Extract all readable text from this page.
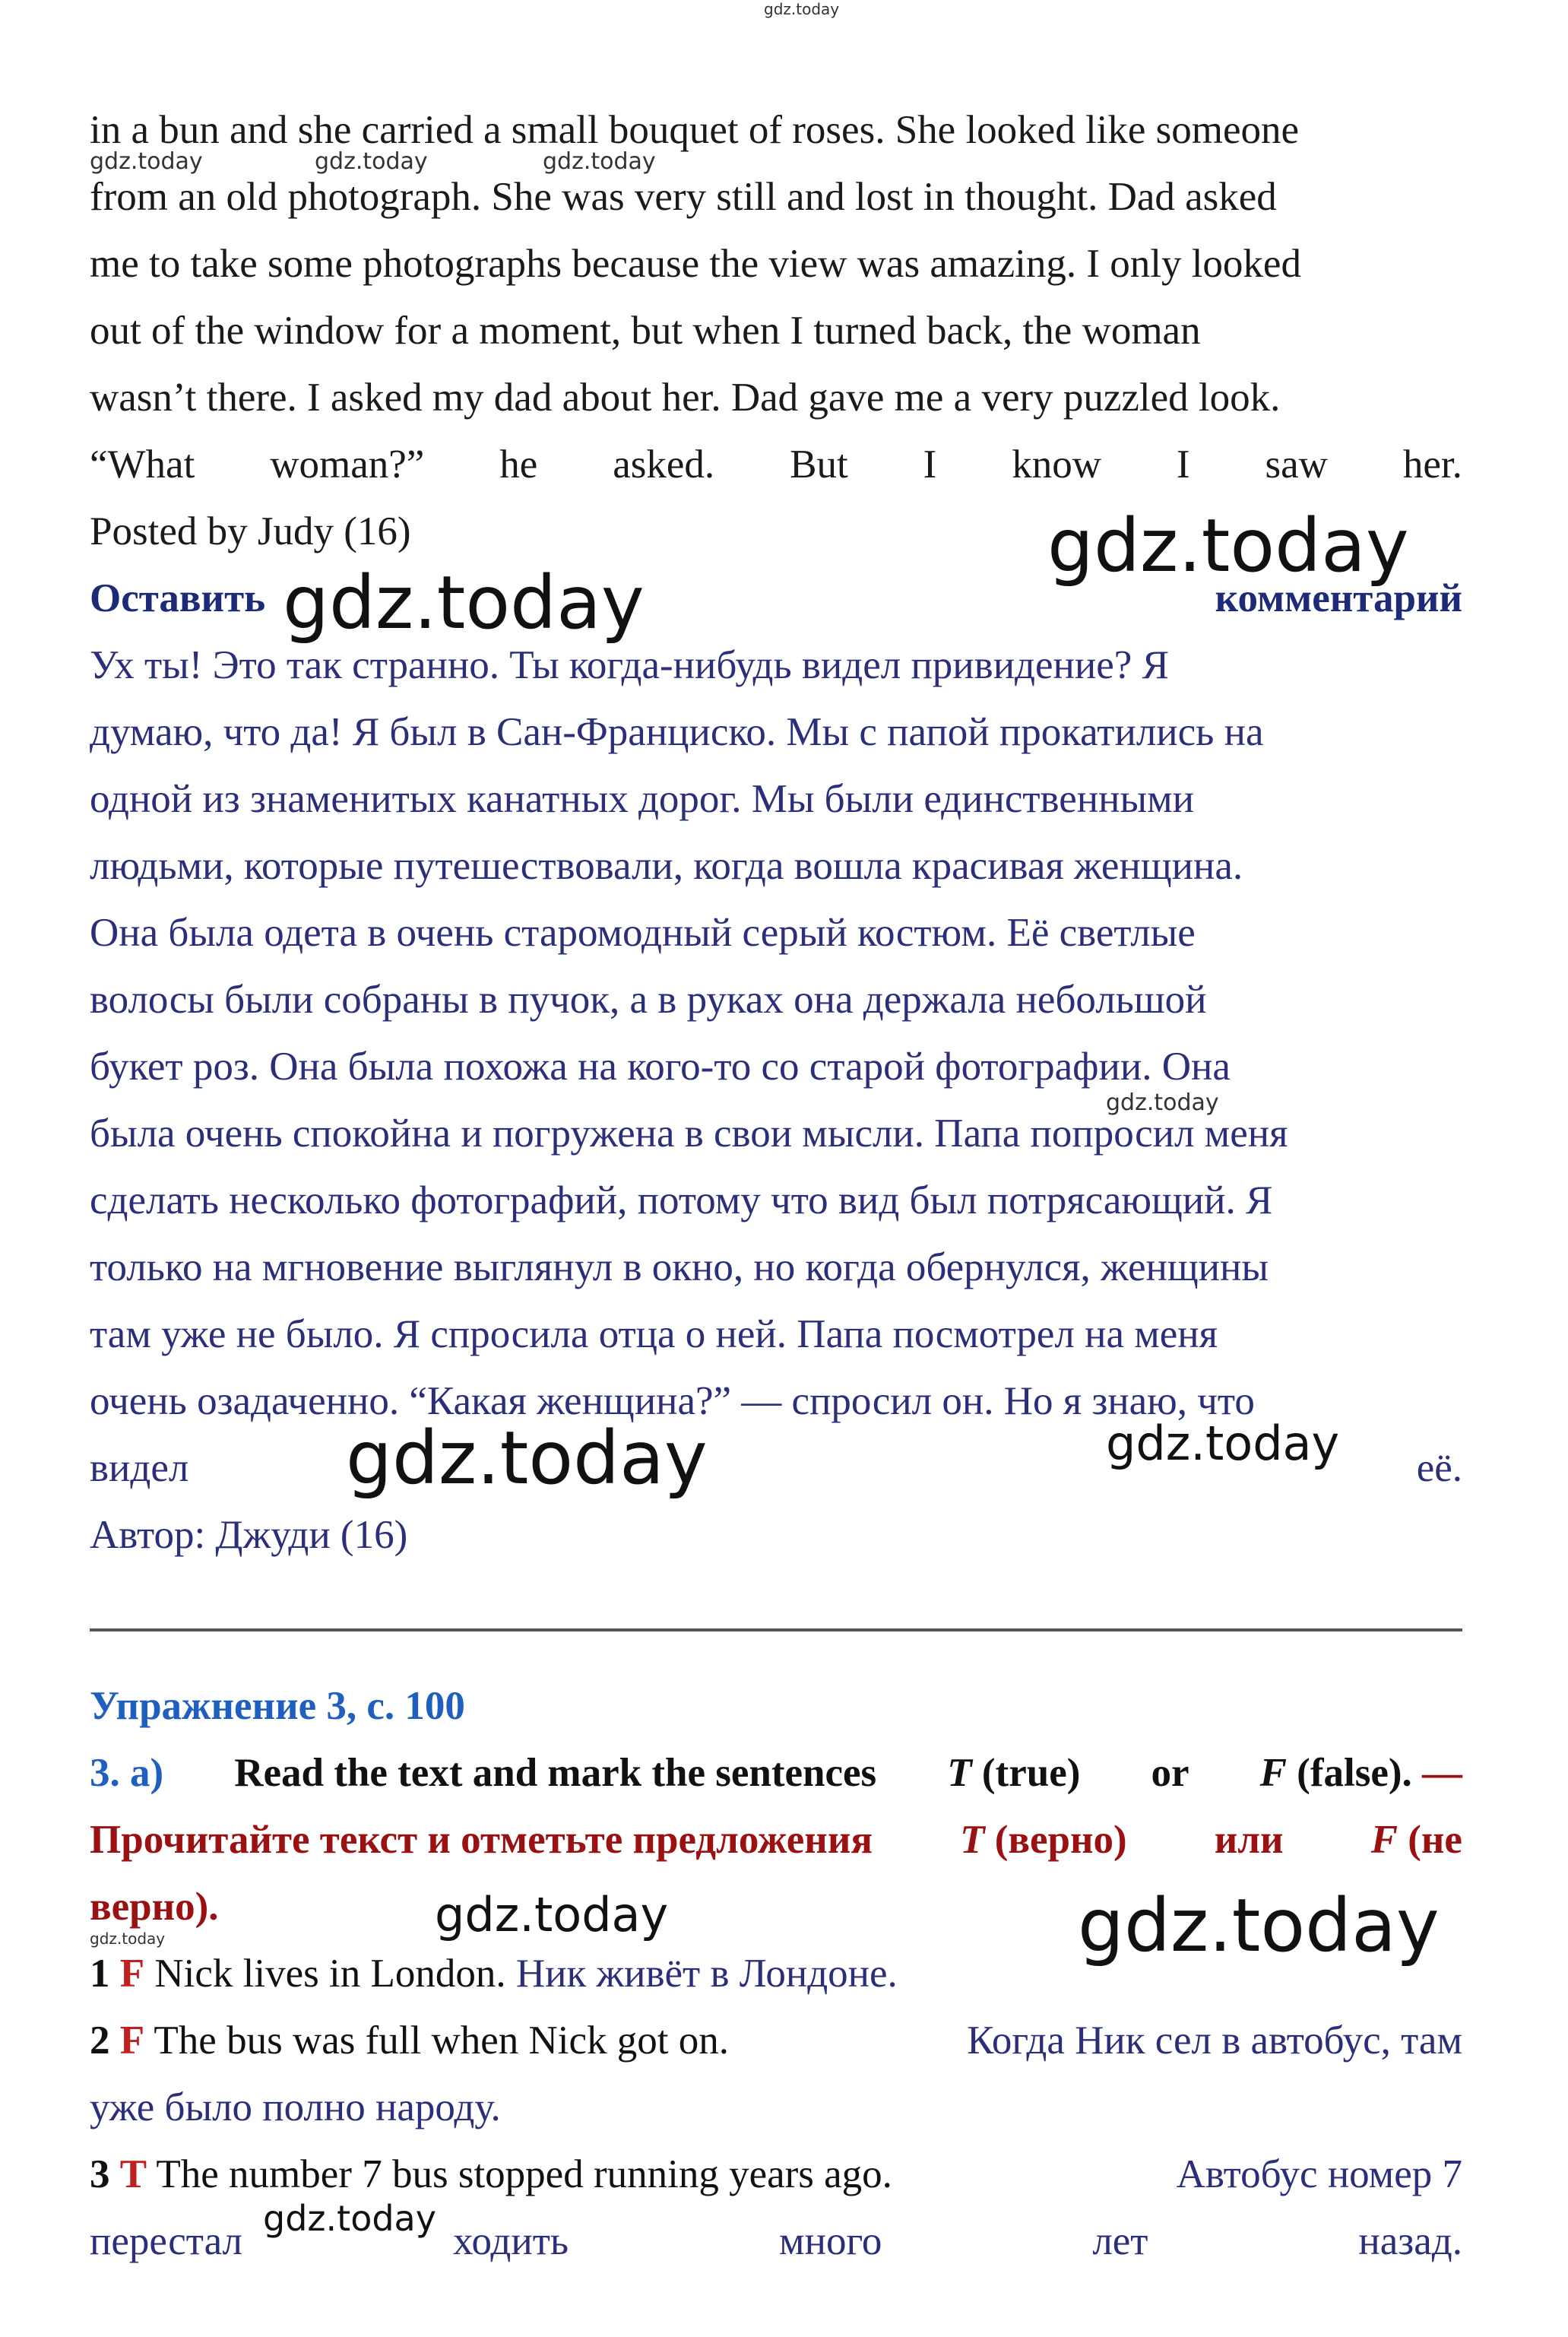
gdz.today
gdz.today	gdz.today	gdz.today
gdz.today
gdz.today
gdz.today
gdz.today	gdz.today
gdz.today
gdz.today	gdz.today
gdz.today
in a bun and she carried a small bouquet of roses. She looked like someone
from an old photograph. She was very still and lost in thought. Dad asked
me to take some photographs because the view was amazing. I only looked
out of the window for a moment, but when I turned back, the woman
wasn’t there. I asked my dad about her. Dad gave me a very puzzled look.
“What woman?” he asked. But I know I saw her.
Posted by Judy (16)
Оставить	комментарий
Ух ты! Это так странно. Ты когда-нибудь видел привидение? Я
думаю, что да! Я был в Сан-Франциско. Мы с папой прокатились на
одной из знаменитых канатных дорог. Мы были единственными
людьми, которые путешествовали, когда вошла красивая женщина.
Она была одета в очень старомодный серый костюм. Её светлые
волосы были собраны в пучок, а в руках она держала небольшой
букет роз. Она была похожа на кого-то со старой фотографии. Она
была очень спокойна и погружена в свои мысли. Папа попросил меня
сделать несколько фотографий, потому что вид был потрясающий. Я
только на мгновение выглянул в окно, но когда обернулся, женщины
там уже не было. Я спросила отца о ней. Папа посмотрел на меня
очень озадаченно. “Какая женщина?” — спросил он. Но я знаю, что
видел	её.
Автор: Джуди (16)
Упражнение 3, с. 100
3. а) Read the text and mark the sentences T (true) or F (false). —
Прочитайте текст и отметьте предложения T (верно) или F (не
верно).
1 F Nick lives in London. Ник живёт в Лондоне.
2 F The bus was full when Nick got on.	Когда Ник сел в автобус, там
уже было полно народу.
3 T The number 7 bus stopped running years ago.	Автобус номер 7
перестал	ходить	много	лет	назад.
